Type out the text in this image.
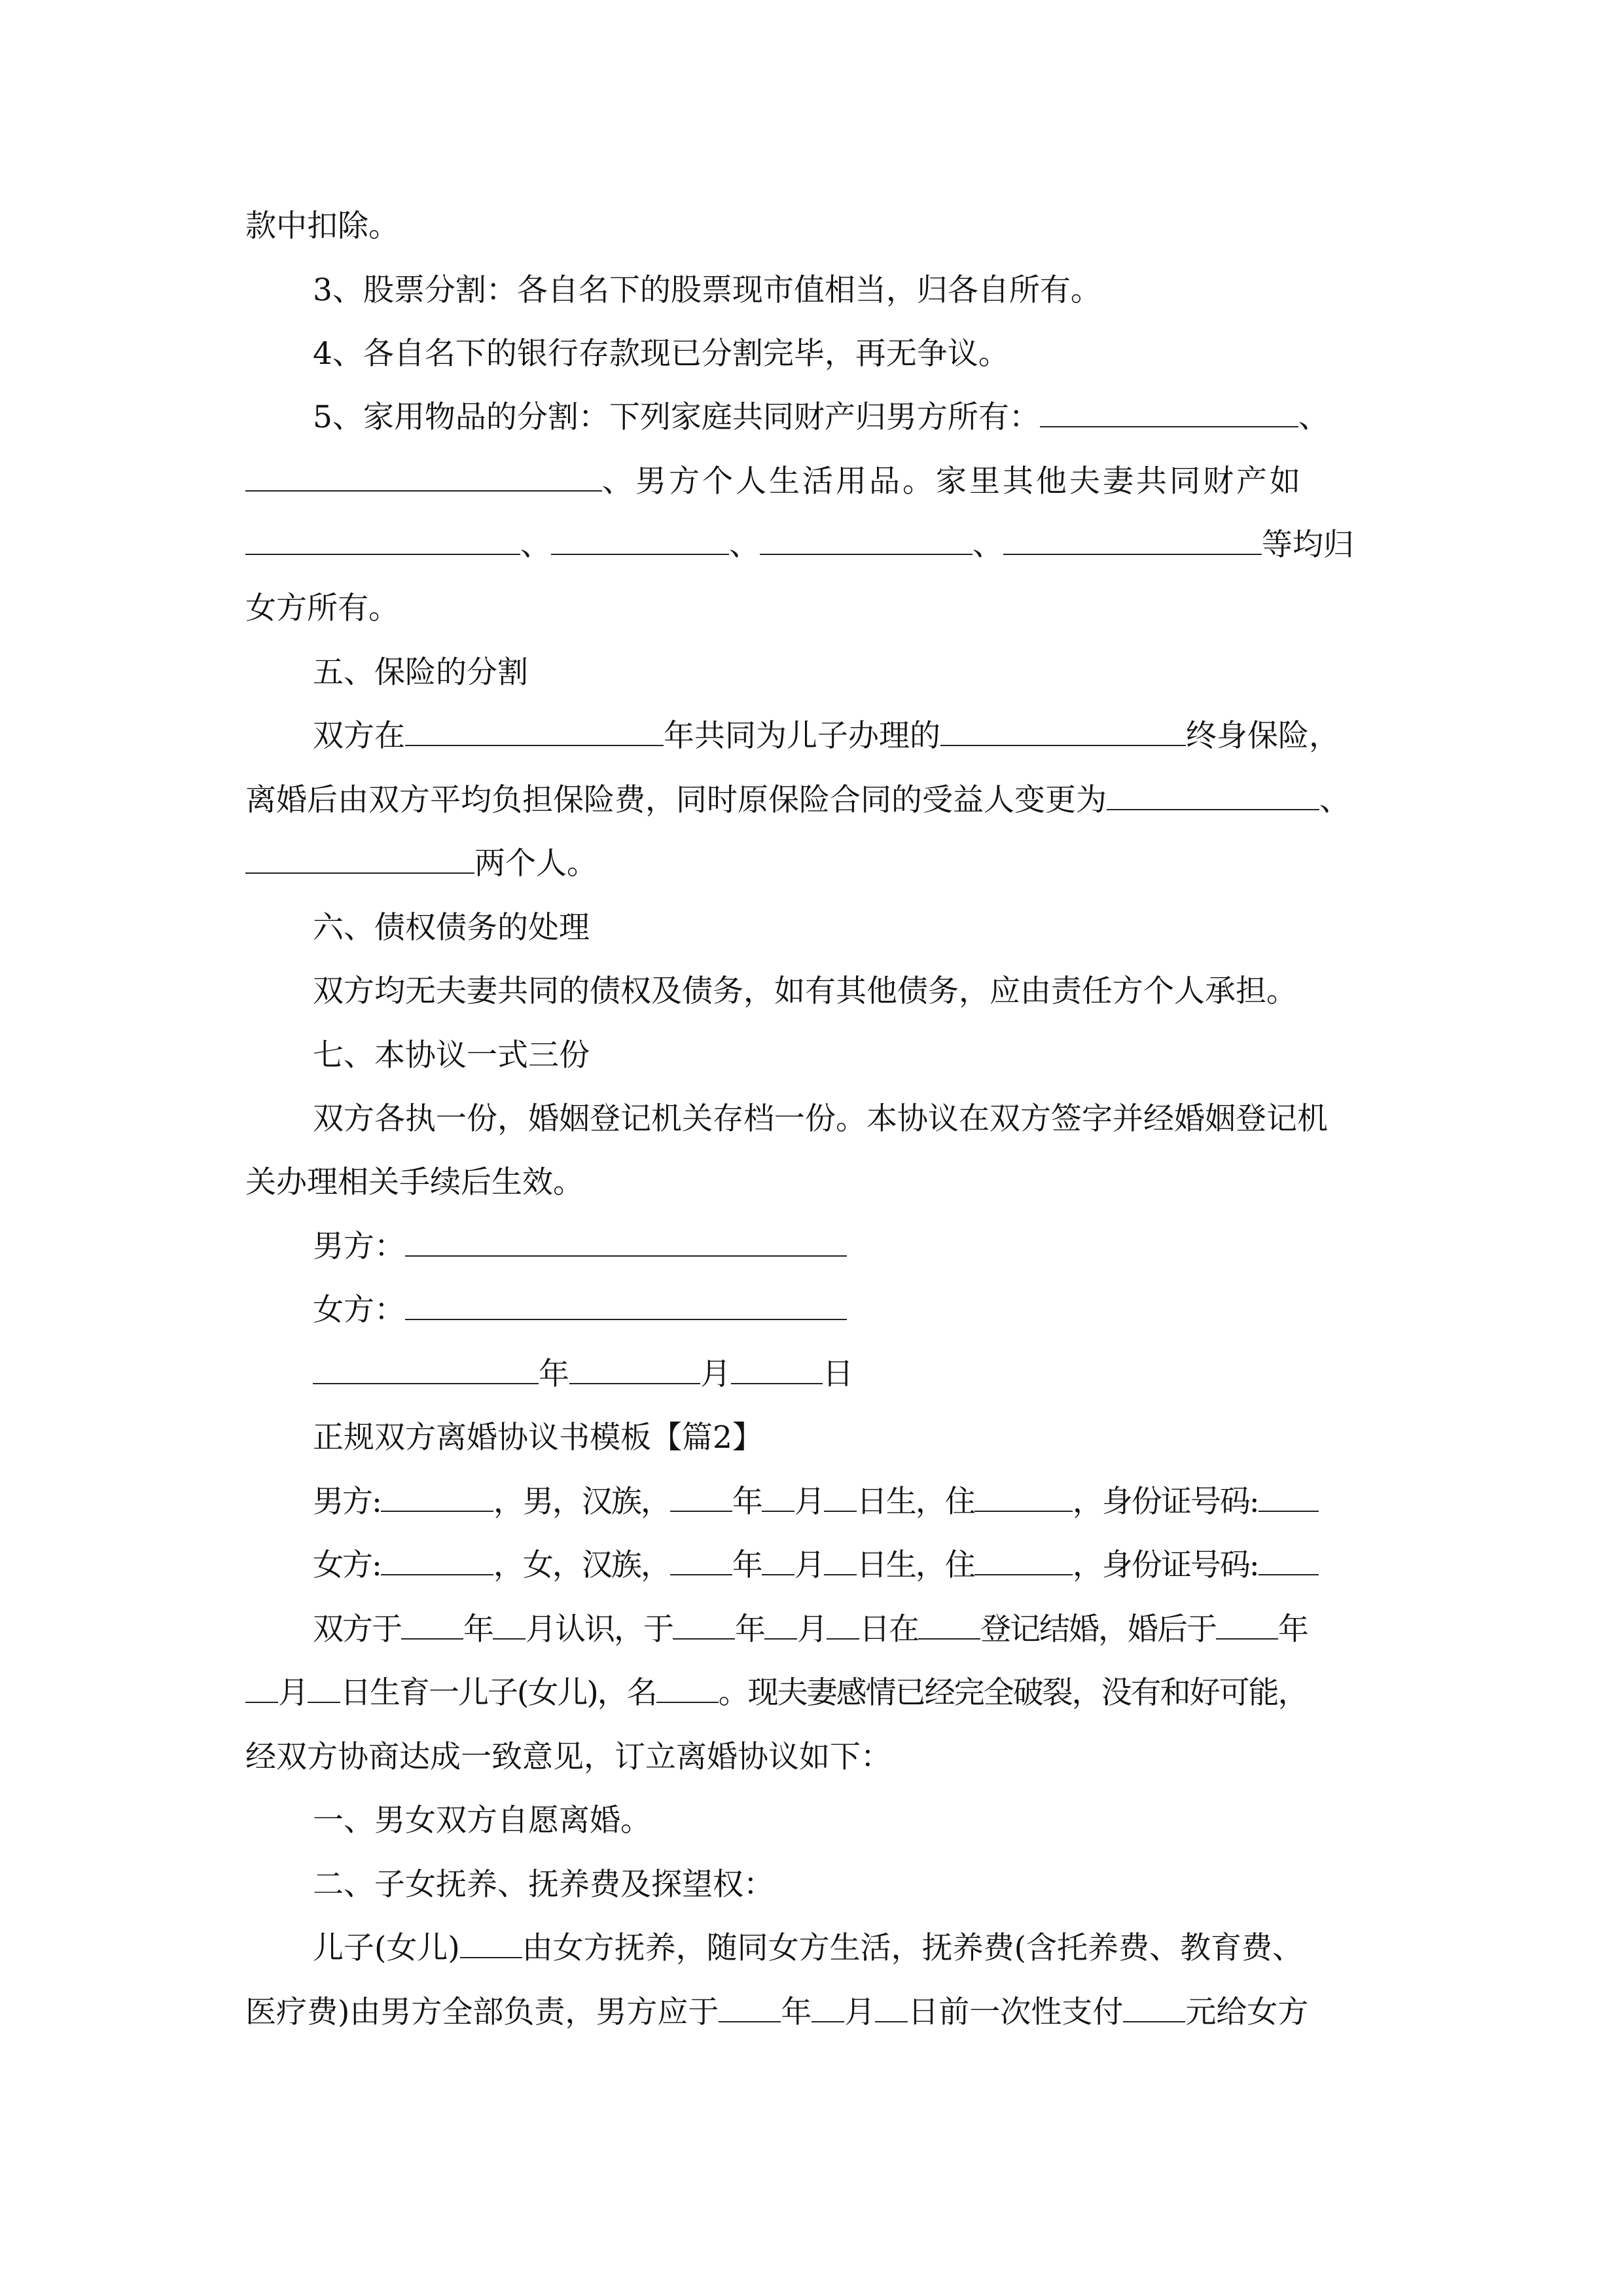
款中扣除。

3、股票分割：各自名下的股票现市值相当，归各自所有。

4、各自名下的银行存款现已分割完毕，再无争议。

5、家用物品的分割：下列家庭共同财产归男方所有：	、

、男方个人生活用品。家里其他夫妻共同财产如

、	、	、	等均归

女方所有。

五、保险的分割

双方在	年共同为儿子办理的	终身保险，

离婚后由双方平均负担保险费，同时原保险合同的受益人变更为	、

两个人。

六、债权债务的处理

双方均无夫妻共同的债权及债务，如有其他债务，应由责任方个人承担。

七、本协议一式三份

双方各执一份，婚姻登记机关存档一份。本协议在双方签字并经婚姻登记机

关办理相关手续后生效。

男方：

女方：

年	月	日

正规双方离婚协议书模板【篇2】

男方:	，男，汉族， 年 月 日生，住	，身份证号码:

女方:	，女，汉族， 年 月 日生，住	，身份证号码:

双方于 年 月认识，于 年 月 日在 登记结婚，婚后于 年

月 日生育一儿子(女儿)，名 。现夫妻感情已经完全破裂，没有和好可能，

经双方协商达成一致意见，订立离婚协议如下：

一、男女双方自愿离婚。

二、子女抚养、抚养费及探望权：

儿子(女儿) 由女方抚养，随同女方生活，抚养费(含托养费、教育费、

医疗费)由男方全部负责，男方应于 年 月 日前一次性支付 元给女方
